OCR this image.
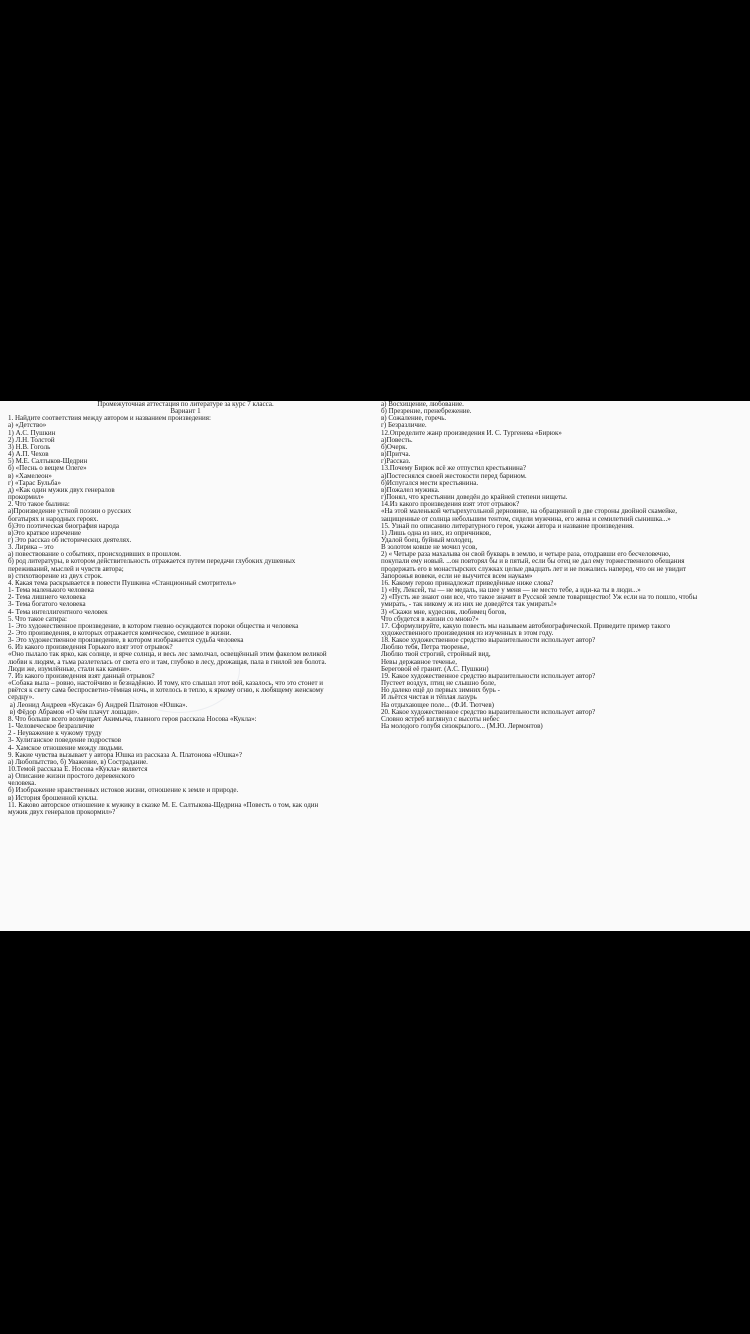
Промежуточная аттестация по литературе за курс 7 класса.
Вариант 1
1. Найдите соответствия между автором и названием произведения:
а) «Детство»
1) А.С. Пушкин
2) Л.Н. Толстой
3) Н.В. Гоголь
4) А.П. Чехов
5) М.Е. Салтыков-Щедрин
б) «Песнь о вещем Олеге»
в) «Хамелеон»
г) «Тарас Бульба»
д) «Как один мужик двух генералов
прокормил»
2. Что такое былина:
а)Произведение устной поэзии о русских
богатырях и народных героях.
б)Это поэтическая биография народа
в)Это краткое изречение
г) Это рассказ об исторических деятелях.
3. Лирика – это
а) повествование о событиях, происходивших в прошлом.
б) род литературы, в котором действительность отражается путем передачи глубоких душевных
переживаний, мыслей и чувств автора;
в) стихотворение из двух строк.
4. Какая тема раскрывается в повести Пушкина «Станционный смотритель»
1- Тема маленького человека
2- Тема лишнего человека
3- Тема богатого человека
4- Тема интеллигентного человек
5. Что такое сатира:
1- Это художественное произведение, в котором гневно осуждаются пороки общества и человека
2- Это произведения, в которых отражается комическое, смешное в жизни.
3- Это художественное произведение, в котором изображается судьба человека
6. Из какого произведения Горького взят этот отрывок?
«Оно пылало так ярко, как солнце, и ярче солнца, и весь лес замолчал, освещённый этим факелом великой
любви к людям, а тьма разлетелась от света его и там, глубоко в лесу, дрожащая, пала в гнилой зев болота.
Люди же, изумлённые, стали как камни».
7. Из какого произведения взят данный отрывок?
«Собака выла – ровно, настойчиво и безнадёжно. И тому, кто слышал этот вой, казалось, что это стонет и
рвётся к свету сама беспросветно-тёмная ночь, и хотелось в тепло, к яркому огню, к любящему женскому
сердцу».
а) Леонид Андреев «Кусака» б) Андрей Платонов «Юшка».
в) Фёдор Абрамов «О чём плачут лошади».
8. Что больше всего возмущает Акимыча, главного героя рассказа Носова «Кукла»:
1- Человеческое безразличие
2 - Неуважение к чужому труду
3- Хулиганское поведение подростков
4- Хамское отношение между людьми.
9. Какие чувства вызывает у автора Юшка из рассказа А. Платонова «Юшка»?
а) Любопытство, б) Уважение, в) Сострадание.
10.Темой рассказа Е. Носова «Кукла» является
а) Описание жизни простого деревенского
человека.
б) Изображение нравственных истоков жизни, отношение к земле и природе.
в) История брошенной куклы.
11. Каково авторское отношение к мужику в сказке М. Е. Салтыкова-Щедрина «Повесть о том, как один
мужик двух генералов прокормил»?
а) Восхищение, любование.
б) Презрение, пренебрежение.
в) Сожаление, горечь.
г) Безразличие.
12.Определите жанр произведения И. С. Тургенева «Бирюк»
а)Повесть.
б)Очерк.
в)Притча.
г)Рассказ.
13.Почему Бирюк всё же отпустил крестьянина?
а)Постеснялся своей жестокости перед барином.
б)Испугался мести крестьянина.
в)Пожалел мужика.
г)Понял, что крестьянин доведён до крайней степени нищеты.
14.Из какого произведения взят этот отрывок?
«На этой маленькой четырехугольной дерновине, на обращенной в две стороны двойной скамейке,
защищенные от солнца небольшим тентом, сидели мужчина, его жена и семилетний сынишка...»
15. Узнай по описанию литературного героя, укажи автора и название произведения.
1) Лишь одна из них, из опричников,
Удалой боец, буйный молодец,
В золотом ковше не мочил усов,
2) « Четыре раза махалыва он свой букварь в землю, и четыре раза, отодравши его бесчеловечно,
покупали ему новый. ...он повторял бы и в пятый, если бы отец не дал ему торжественного обещания
продержать его в монастырских служках целые двадцать лет и не пожались наперед, что он не увидит
Запорожья вовеки, если не выучится всем наукам»
16. Какому герою принадлежат приведённые ниже слова?
1) «Ну, Лексей, ты — не медаль, на шее у меня — не место тебе, а иди-ка ты в люди...»
2) «Пусть же знают они все, что такое значит в Русской земле товарищество! Уж если на то пошло, чтобы
умирать, - так никому ж из них не доведётся так умирать!»
3) «Скажи мне, кудесник, любимец богов,
Что сбудется в жизни со мною?»
17. Сформулируйте, какую повесть мы называем автобиографической. Приведите пример такого
художественного произведения из изученных в этом году.
18. Какое художественное средство выразительности использует автор?
Люблю тебя, Петра творенье,
Люблю твой строгий, стройный вид,
Невы державное теченье,
Береговой её гранит. (А.С. Пушкин)
19. Какое художественное средство выразительности использует автор?
Пустеет воздух, птиц не слышно боле,
Но далеко ещё до первых зимних бурь -
И льётся чистая и тёплая лазурь
На отдыхающее поле... (Ф.И. Тютчев)
20. Какое художественное средство выразительности использует автор?
Словно ястреб взглянул с высоты небес
На молодого голубя сизокрылого... (М.Ю. Лермонтов)
